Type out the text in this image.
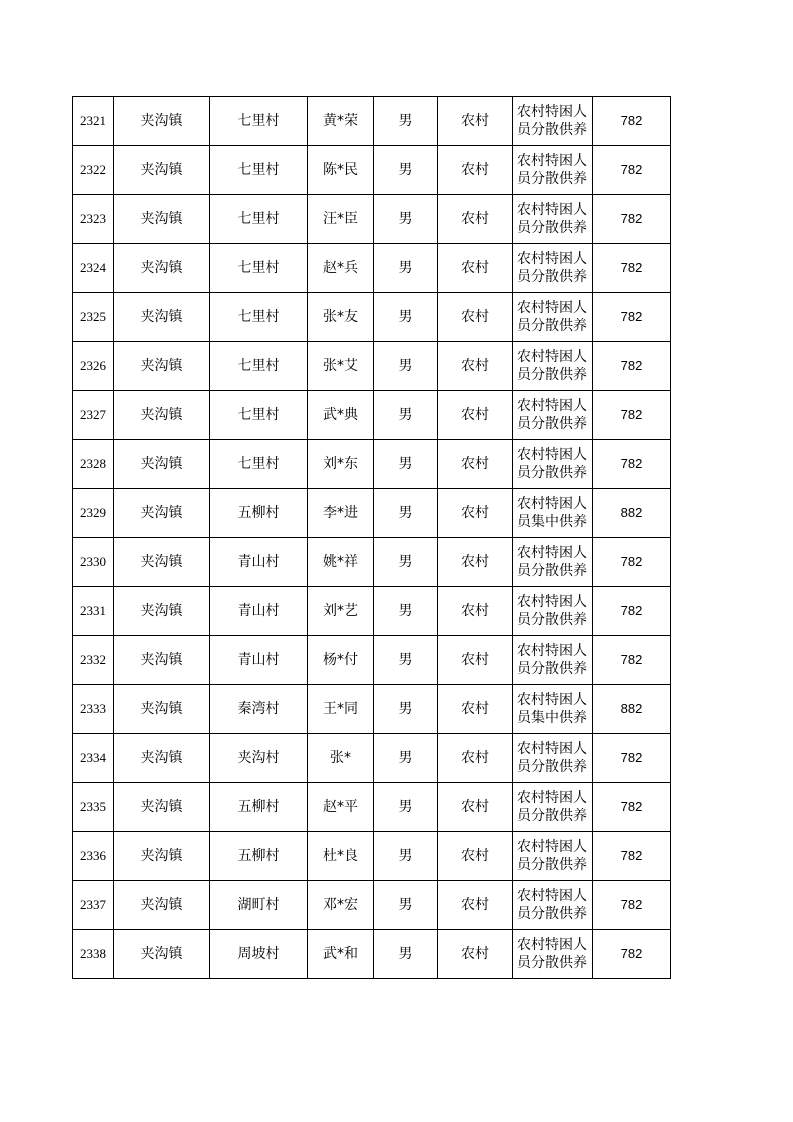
2321	夹沟镇	七里村	黄*荣	男	农村	农村特困人员分散供养	782
2322	夹沟镇	七里村	陈*民	男	农村	农村特困人员分散供养	782
2323	夹沟镇	七里村	汪*臣	男	农村	农村特困人员分散供养	782
2324	夹沟镇	七里村	赵*兵	男	农村	农村特困人员分散供养	782
2325	夹沟镇	七里村	张*友	男	农村	农村特困人员分散供养	782
2326	夹沟镇	七里村	张*艾	男	农村	农村特困人员分散供养	782
2327	夹沟镇	七里村	武*典	男	农村	农村特困人员分散供养	782
2328	夹沟镇	七里村	刘*东	男	农村	农村特困人员分散供养	782
2329	夹沟镇	五柳村	李*进	男	农村	农村特困人员集中供养	882
2330	夹沟镇	青山村	姚*祥	男	农村	农村特困人员分散供养	782
2331	夹沟镇	青山村	刘*艺	男	农村	农村特困人员分散供养	782
2332	夹沟镇	青山村	杨*付	男	农村	农村特困人员分散供养	782
2333	夹沟镇	秦湾村	王*同	男	农村	农村特困人员集中供养	882
2334	夹沟镇	夹沟村	张*	男	农村	农村特困人员分散供养	782
2335	夹沟镇	五柳村	赵*平	男	农村	农村特困人员分散供养	782
2336	夹沟镇	五柳村	杜*良	男	农村	农村特困人员分散供养	782
2337	夹沟镇	湖町村	邓*宏	男	农村	农村特困人员分散供养	782
2338	夹沟镇	周坡村	武*和	男	农村	农村特困人员分散供养	782
